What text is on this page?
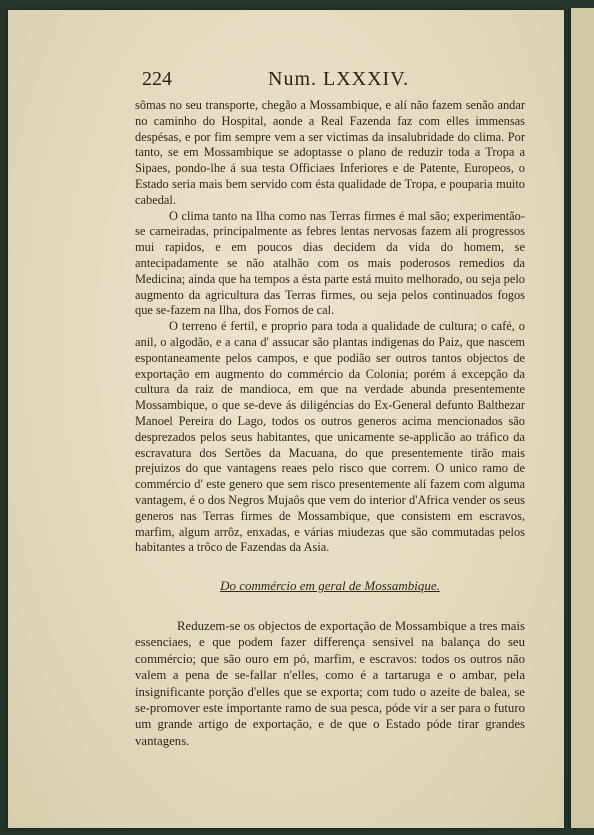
224	Num. LXXXIV.

sômas no seu transporte, chegão a Mossambique, e alí não fazem senão andar no caminho do Hospital, aonde a Real Fazenda faz com elles immensas despésas, e por fim sempre vem a ser victimas da insalubridade do clima. Por tanto, se em Mossambique se adoptasse o plano de reduzir toda a Tropa a Sipaes, pondo-lhe á sua testa Officiaes Inferiores e de Patente, Europeos, o Estado seria mais bem servido com ésta qualidade de Tropa, e poupаria muito cabedal.

O clima tanto na Ilha como nas Terras firmes é mal são; experimentão-se carneiradas, principalmente as febres lentas nervosas fazem alí progressos mui rapidos, e em poucos dias decidem da vida do homem, se antecipadamente se não atalhão com os mais poderosos remedios da Medicina; ainda que ha tempos a ésta parte está muito melhorado, ou seja pelo augmento da agricultura das Terras firmes, ou seja pelos continuados fogos que se-fazem na Ilha, dos Fornos de cal.

O terreno é fertil, e proprio para toda a qualidade de cultura; o café, o anil, o algodão, e a cana d' assucar são plantas indigenas do Paiz, que nascem espontaneamente pelos campos, e que podião ser outros tantos objectos de exportação em augmento do commércio da Colonia; porém á excepção da cultura da raiz de mandioca, em que na verdade abunda presentemente Mossambique, o que se-deve ás diligéncias do Ex-General defunto Balthezar Manoel Pereira do Lago, todos os outros generos acima mencionados são desprezados pelos seus habitantes, que unicamente se-applicão ao tráfico da escravatura dos Sertões da Macuana, do que presentemente tirão mais prejuizos do que vantagens reaes pelo risco que correm. O unico ramo de commércio d' este genero que sem risco presentemente alí fazem com alguma vantagem, é o dos Negros Mujaôs que vem do interior d'Africa vender os seus generos nas Terras firmes de Mossambique, que consistem em escravos, marfim, algum arrôz, enxadas, e várias miudezas que são commutadas pelos habitantes a trôco de Fazendas da Asia.

Do commércio em geral de Mossambique.

Reduzem-se os objectos de exportação de Mossambique a tres mais essenciaes, e que podem fazer differença sensivel na balança do seu commércio; que são ouro em pó, marfim, e escravos: todos os outros não valem a pena de se-fallar n'elles, como é a tartaruga e o ambar, pela insignificante porção d'elles que se exporta; com tudo o azeite de balea, se se-promover este importante ramo de sua pesca, póde vir a ser para o futuro um grande artigo de exportação, e de que o Estado póde tirar grandes vantagens.
